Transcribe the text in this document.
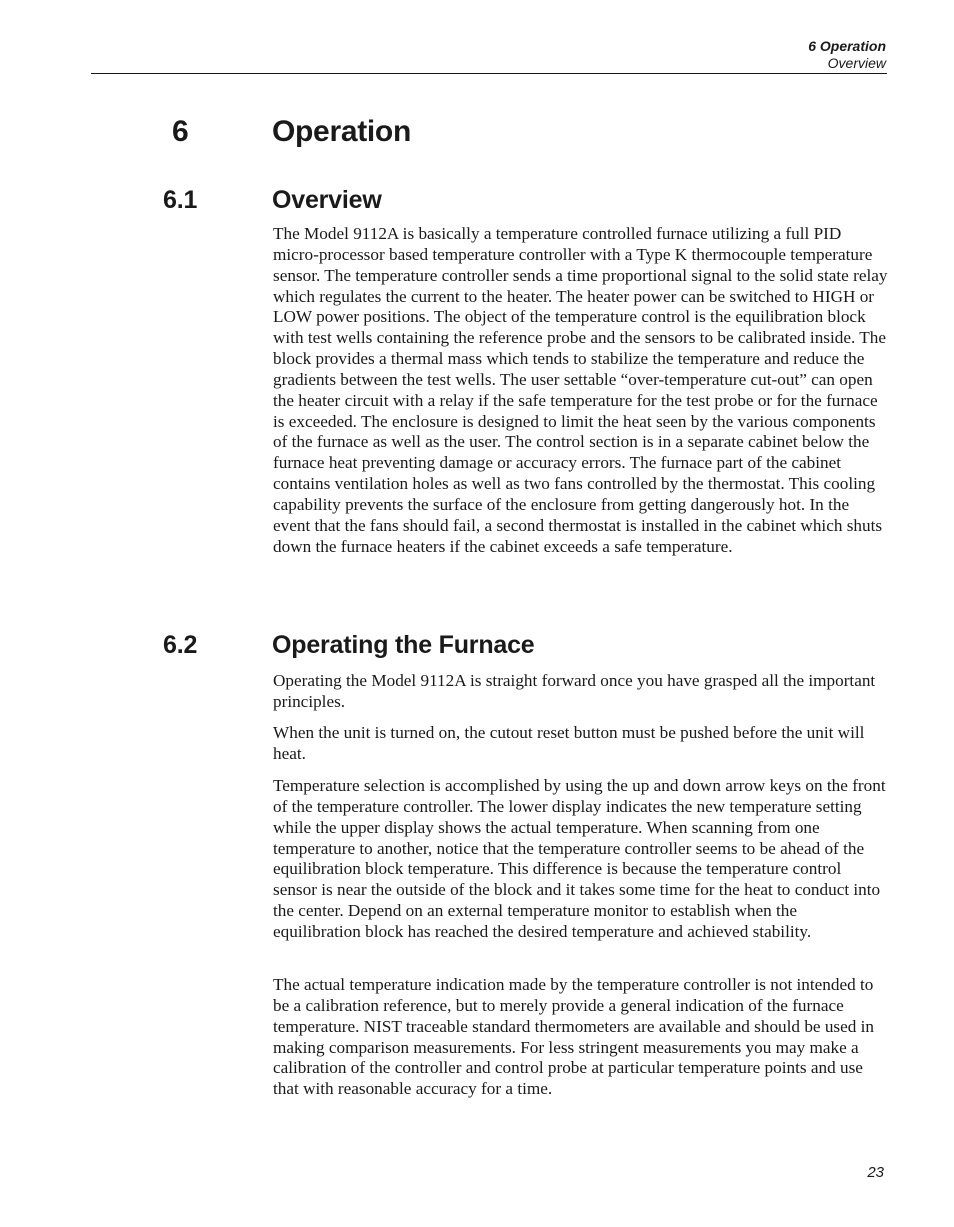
6 Operation
Overview
6	Operation
6.1	Overview

The Model 9112A is basically a temperature controlled furnace utilizing a full PID micro-processor based temperature controller with a Type K thermocouple temperature sensor. The temperature controller sends a time proportional signal to the solid state relay which regulates the current to the heater. The heater power can be switched to HIGH or LOW power positions. The object of the temperature control is the equilibration block with test wells containing the reference probe and the sensors to be calibrated inside. The block provides a thermal mass which tends to stabilize the temperature and reduce the gradients between the test wells. The user settable “over-temperature cut-out” can open the heater circuit with a relay if the safe temperature for the test probe or for the furnace is exceeded. The enclosure is designed to limit the heat seen by the various components of the furnace as well as the user. The control section is in a separate cabinet below the furnace heat preventing damage or accuracy errors. The furnace part of the cabinet contains ventilation holes as well as two fans controlled by the thermostat. This cooling capability prevents the surface of the enclosure from getting dangerously hot. In the event that the fans should fail, a second thermostat is installed in the cabinet which shuts down the furnace heaters if the cabinet exceeds a safe temperature.

6.2	Operating the Furnace

Operating the Model 9112A is straight forward once you have grasped all the important principles.

When the unit is turned on, the cutout reset button must be pushed before the unit will heat.

Temperature selection is accomplished by using the up and down arrow keys on the front of the temperature controller. The lower display indicates the new temperature setting while the upper display shows the actual temperature. When scanning from one temperature to another, notice that the temperature controller seems to be ahead of the equilibration block temperature. This difference is because the temperature control sensor is near the outside of the block and it takes some time for the heat to conduct into the center. Depend on an external temperature monitor to establish when the equilibration block has reached the desired temperature and achieved stability.

The actual temperature indication made by the temperature controller is not intended to be a calibration reference, but to merely provide a general indication of the furnace temperature. NIST traceable standard thermometers are available and should be used in making comparison measurements. For less stringent measurements you may make a calibration of the controller and control probe at particular temperature points and use that with reasonable accuracy for a time.

23
